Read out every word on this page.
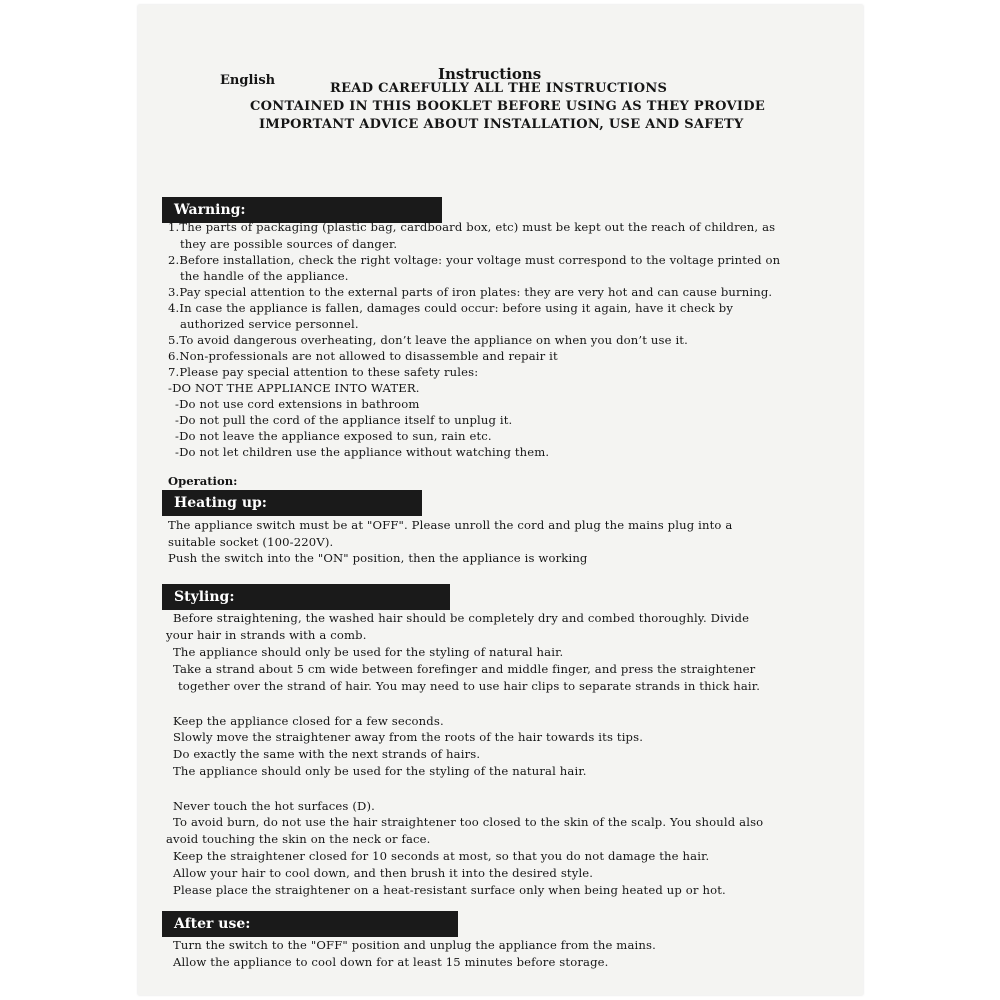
English	Instructions
READ CAREFULLY ALL THE INSTRUCTIONS
CONTAINED IN THIS BOOKLET BEFORE USING AS THEY PROVIDE
IMPORTANT ADVICE ABOUT INSTALLATION, USE AND SAFETY
Warning:
1.The parts of packaging (plastic bag, cardboard box, etc) must be kept out the reach of children, as
they are possible sources of danger.
2.Before installation, check the right voltage: your voltage must correspond to the voltage printed on
the handle of the appliance.
3.Pay special attention to the external parts of iron plates: they are very hot and can cause burning.
4.In case the appliance is fallen, damages could occur: before using it again, have it check by
authorized service personnel.
5.To avoid dangerous overheating, don’t leave the appliance on when you don’t use it.
6.Non-professionals are not allowed to disassemble and repair it
7.Please pay special attention to these safety rules:
-DO NOT THE APPLIANCE INTO WATER.
-Do not use cord extensions in bathroom
-Do not pull the cord of the appliance itself to unplug it.
-Do not leave the appliance exposed to sun, rain etc.
-Do not let children use the appliance without watching them.
Operation:
Heating up:
The appliance switch must be at "OFF". Please unroll the cord and plug the mains plug into a
suitable socket (100-220V).
Push the switch into the "ON" position, then the appliance is working
Styling:
Before straightening, the washed hair should be completely dry and combed thoroughly. Divide
your hair in strands with a comb.
The appliance should only be used for the styling of natural hair.
Take a strand about 5 cm wide between forefinger and middle finger, and press the straightener
together over the strand of hair. You may need to use hair clips to separate strands in thick hair.
Keep the appliance closed for a few seconds.
Slowly move the straightener away from the roots of the hair towards its tips.
Do exactly the same with the next strands of hairs.
The appliance should only be used for the styling of the natural hair.
Never touch the hot surfaces (D).
To avoid burn, do not use the hair straightener too closed to the skin of the scalp. You should also
avoid touching the skin on the neck or face.
Keep the straightener closed for 10 seconds at most, so that you do not damage the hair.
Allow your hair to cool down, and then brush it into the desired style.
Please place the straightener on a heat-resistant surface only when being heated up or hot.
After use:
Turn the switch to the "OFF" position and unplug the appliance from the mains.
Allow the appliance to cool down for at least 15 minutes before storage.
